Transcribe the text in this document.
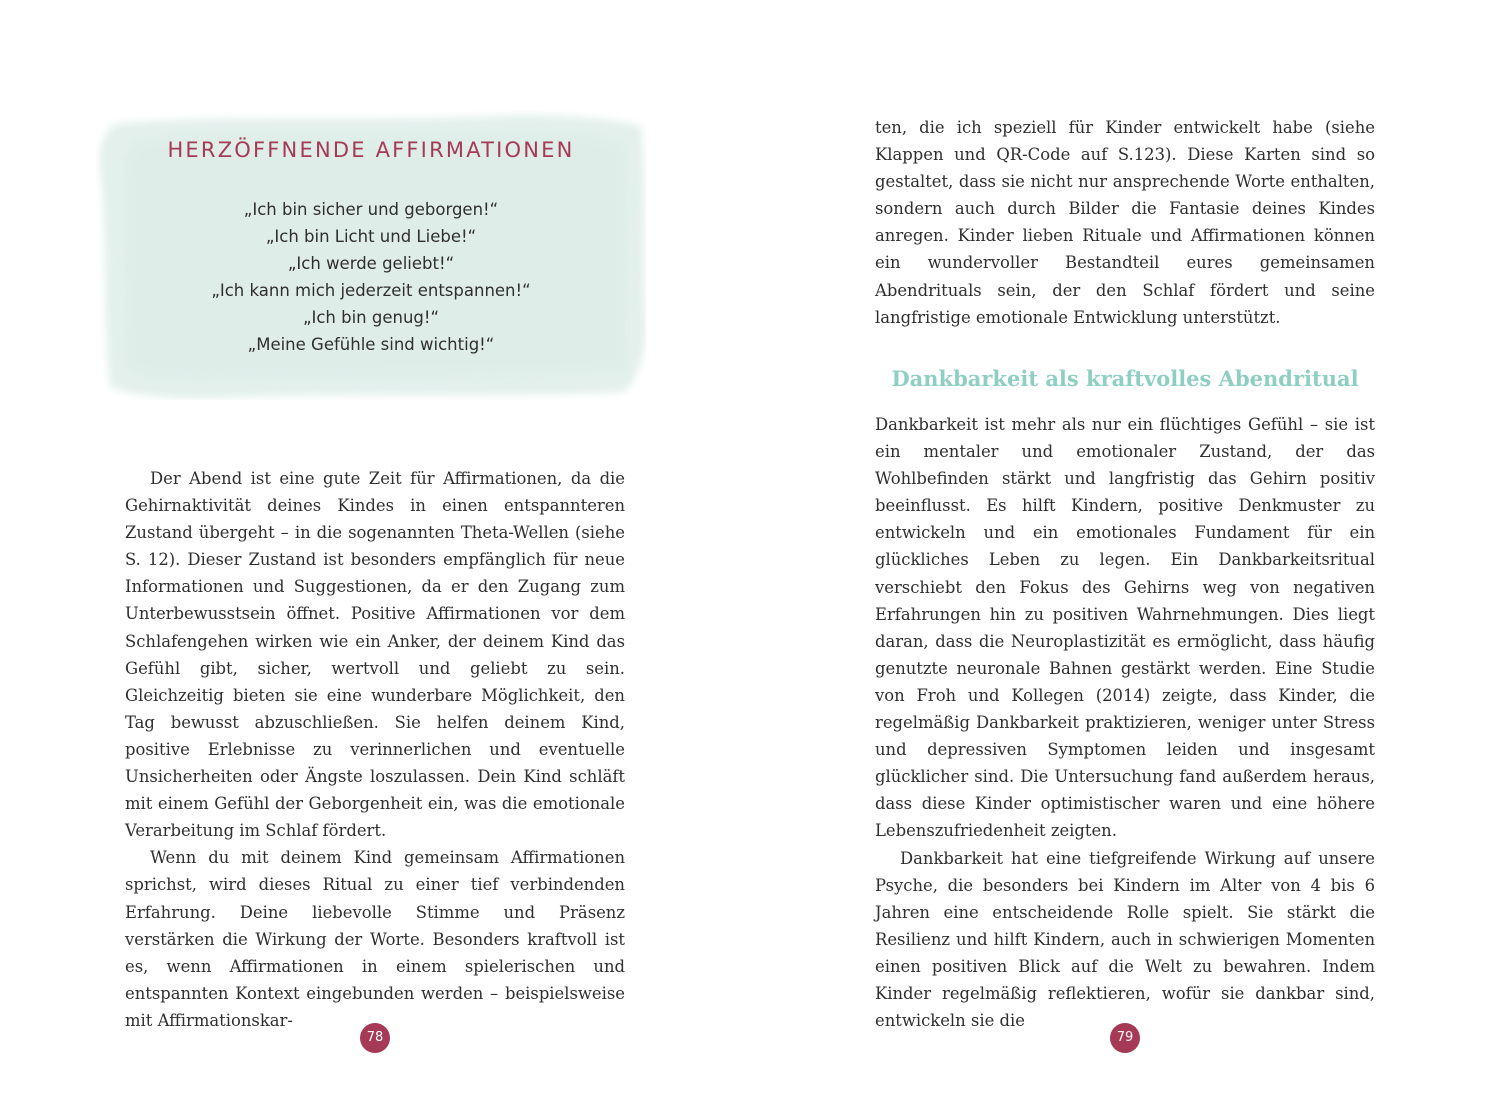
HERZÖFFNENDE AFFIRMATIONEN
„Ich bin sicher und geborgen!“
„Ich bin Licht und Liebe!“
„Ich werde geliebt!“
„Ich kann mich jederzeit entspannen!“
„Ich bin genug!“
„Meine Gefühle sind wichtig!“

Der Abend ist eine gute Zeit für Affirmationen, da die Gehirnaktivität deines Kindes in einen entspannteren Zustand übergeht – in die sogenannten Theta-Wellen (siehe S. 12). Dieser Zustand ist besonders empfänglich für neue Informationen und Suggestionen, da er den Zugang zum Unterbewusstsein öffnet. Positive Affirmationen vor dem Schlafengehen wirken wie ein Anker, der deinem Kind das Gefühl gibt, sicher, wertvoll und geliebt zu sein. Gleichzeitig bieten sie eine wunderbare Möglichkeit, den Tag bewusst abzuschließen. Sie helfen deinem Kind, positive Erlebnisse zu verinnerlichen und eventuelle Unsicherheiten oder Ängste loszulassen. Dein Kind schläft mit einem Gefühl der Geborgenheit ein, was die emotionale Verarbeitung im Schlaf fördert.

Wenn du mit deinem Kind gemeinsam Affirmationen sprichst, wird dieses Ritual zu einer tief verbindenden Erfahrung. Deine liebevolle Stimme und Präsenz verstärken die Wirkung der Worte. Besonders kraftvoll ist es, wenn Affirmationen in einem spielerischen und entspannten Kontext eingebunden werden – beispielsweise mit Affirmationskar-

78

ten, die ich speziell für Kinder entwickelt habe (siehe Klappen und QR-Code auf S.123). Diese Karten sind so gestaltet, dass sie nicht nur ansprechende Worte enthalten, sondern auch durch Bilder die Fantasie deines Kindes anregen. Kinder lieben Rituale und Affirmationen können ein wundervoller Bestandteil eures gemeinsamen Abendrituals sein, der den Schlaf fördert und seine langfristige emotionale Entwicklung unterstützt.

Dankbarkeit als kraftvolles Abendritual

Dankbarkeit ist mehr als nur ein flüchtiges Gefühl – sie ist ein mentaler und emotionaler Zustand, der das Wohlbefinden stärkt und langfristig das Gehirn positiv beeinflusst. Es hilft Kindern, positive Denkmuster zu entwickeln und ein emotionales Fundament für ein glückliches Leben zu legen. Ein Dankbarkeitsritual verschiebt den Fokus des Gehirns weg von negativen Erfahrungen hin zu positiven Wahrnehmungen. Dies liegt daran, dass die Neuroplastizität es ermöglicht, dass häufig genutzte neuronale Bahnen gestärkt werden. Eine Studie von Froh und Kollegen (2014) zeigte, dass Kinder, die regelmäßig Dankbarkeit praktizieren, weniger unter Stress und depressiven Symptomen leiden und insgesamt glücklicher sind. Die Untersuchung fand außerdem heraus, dass diese Kinder optimistischer waren und eine höhere Lebenszufriedenheit zeigten.

Dankbarkeit hat eine tiefgreifende Wirkung auf unsere Psyche, die besonders bei Kindern im Alter von 4 bis 6 Jahren eine entscheidende Rolle spielt. Sie stärkt die Resilienz und hilft Kindern, auch in schwierigen Momenten einen positiven Blick auf die Welt zu bewahren. Indem Kinder regelmäßig reflektieren, wofür sie dankbar sind, entwickeln sie die

79
